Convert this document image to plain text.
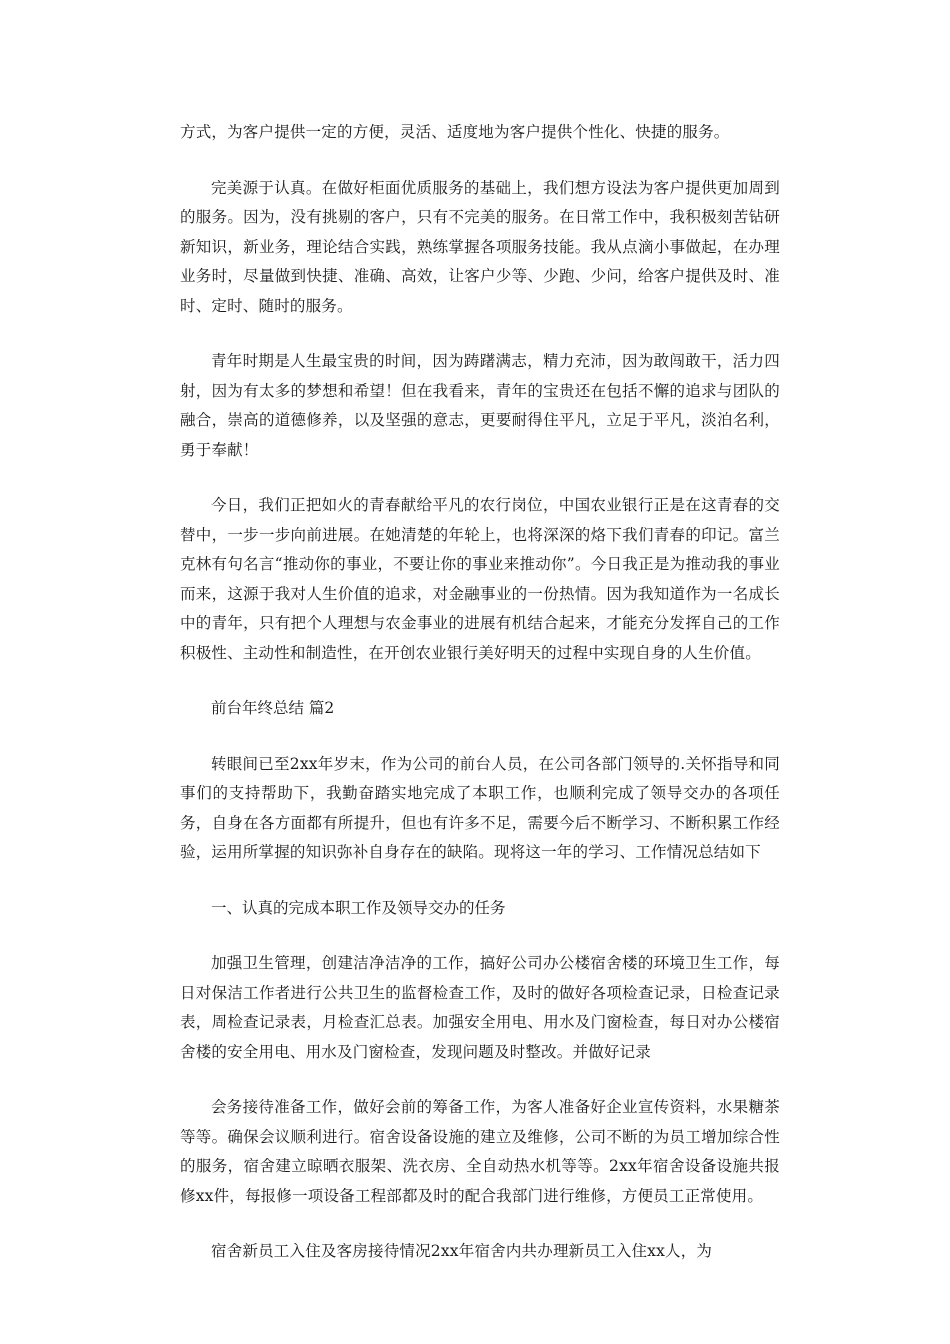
方式，为客户提供一定的方便，灵活、适度地为客户提供个性化、快捷的服务。

完美源于认真。在做好柜面优质服务的基础上，我们想方设法为客户提供更加周到的服务。因为，没有挑剔的客户，只有不完美的服务。在日常工作中，我积极刻苦钻研新知识，新业务，理论结合实践，熟练掌握各项服务技能。我从点滴小事做起，在办理业务时，尽量做到快捷、准确、高效，让客户少等、少跑、少问，给客户提供及时、准时、定时、随时的服务。

青年时期是人生最宝贵的时间，因为踌躇满志，精力充沛，因为敢闯敢干，活力四射，因为有太多的梦想和希望！但在我看来，青年的宝贵还在包括不懈的追求与团队的融合，崇高的道德修养，以及坚强的意志，更要耐得住平凡，立足于平凡，淡泊名利，勇于奉献！

今日，我们正把如火的青春献给平凡的农行岗位，中国农业银行正是在这青春的交替中，一步一步向前进展。在她清楚的年轮上，也将深深的烙下我们青春的印记。富兰克林有句名言“推动你的事业，不要让你的事业来推动你”。今日我正是为推动我的事业而来，这源于我对人生价值的追求，对金融事业的一份热情。因为我知道作为一名成长中的青年，只有把个人理想与农金事业的进展有机结合起来，才能充分发挥自己的工作积极性、主动性和制造性，在开创农业银行美好明天的过程中实现自身的人生价值。

前台年终总结 篇2

转眼间已至2xx年岁末，作为公司的前台人员，在公司各部门领导的.关怀指导和同事们的支持帮助下，我勤奋踏实地完成了本职工作，也顺利完成了领导交办的各项任务，自身在各方面都有所提升，但也有许多不足，需要今后不断学习、不断积累工作经验，运用所掌握的知识弥补自身存在的缺陷。现将这一年的学习、工作情况总结如下

一、认真的完成本职工作及领导交办的任务

加强卫生管理，创建洁净洁净的工作，搞好公司办公楼宿舍楼的环境卫生工作，每日对保洁工作者进行公共卫生的监督检查工作，及时的做好各项检查记录，日检查记录表，周检查记录表，月检查汇总表。加强安全用电、用水及门窗检查，每日对办公楼宿舍楼的安全用电、用水及门窗检查，发现问题及时整改。并做好记录

会务接待准备工作，做好会前的筹备工作，为客人准备好企业宣传资料，水果糖茶等等。确保会议顺利进行。宿舍设备设施的建立及维修，公司不断的为员工增加综合性的服务，宿舍建立晾晒衣服架、洗衣房、全自动热水机等等。2xx年宿舍设备设施共报修xx件，每报修一项设备工程部都及时的配合我部门进行维修，方便员工正常使用。

宿舍新员工入住及客房接待情况2xx年宿舍内共办理新员工入住xx人，为
